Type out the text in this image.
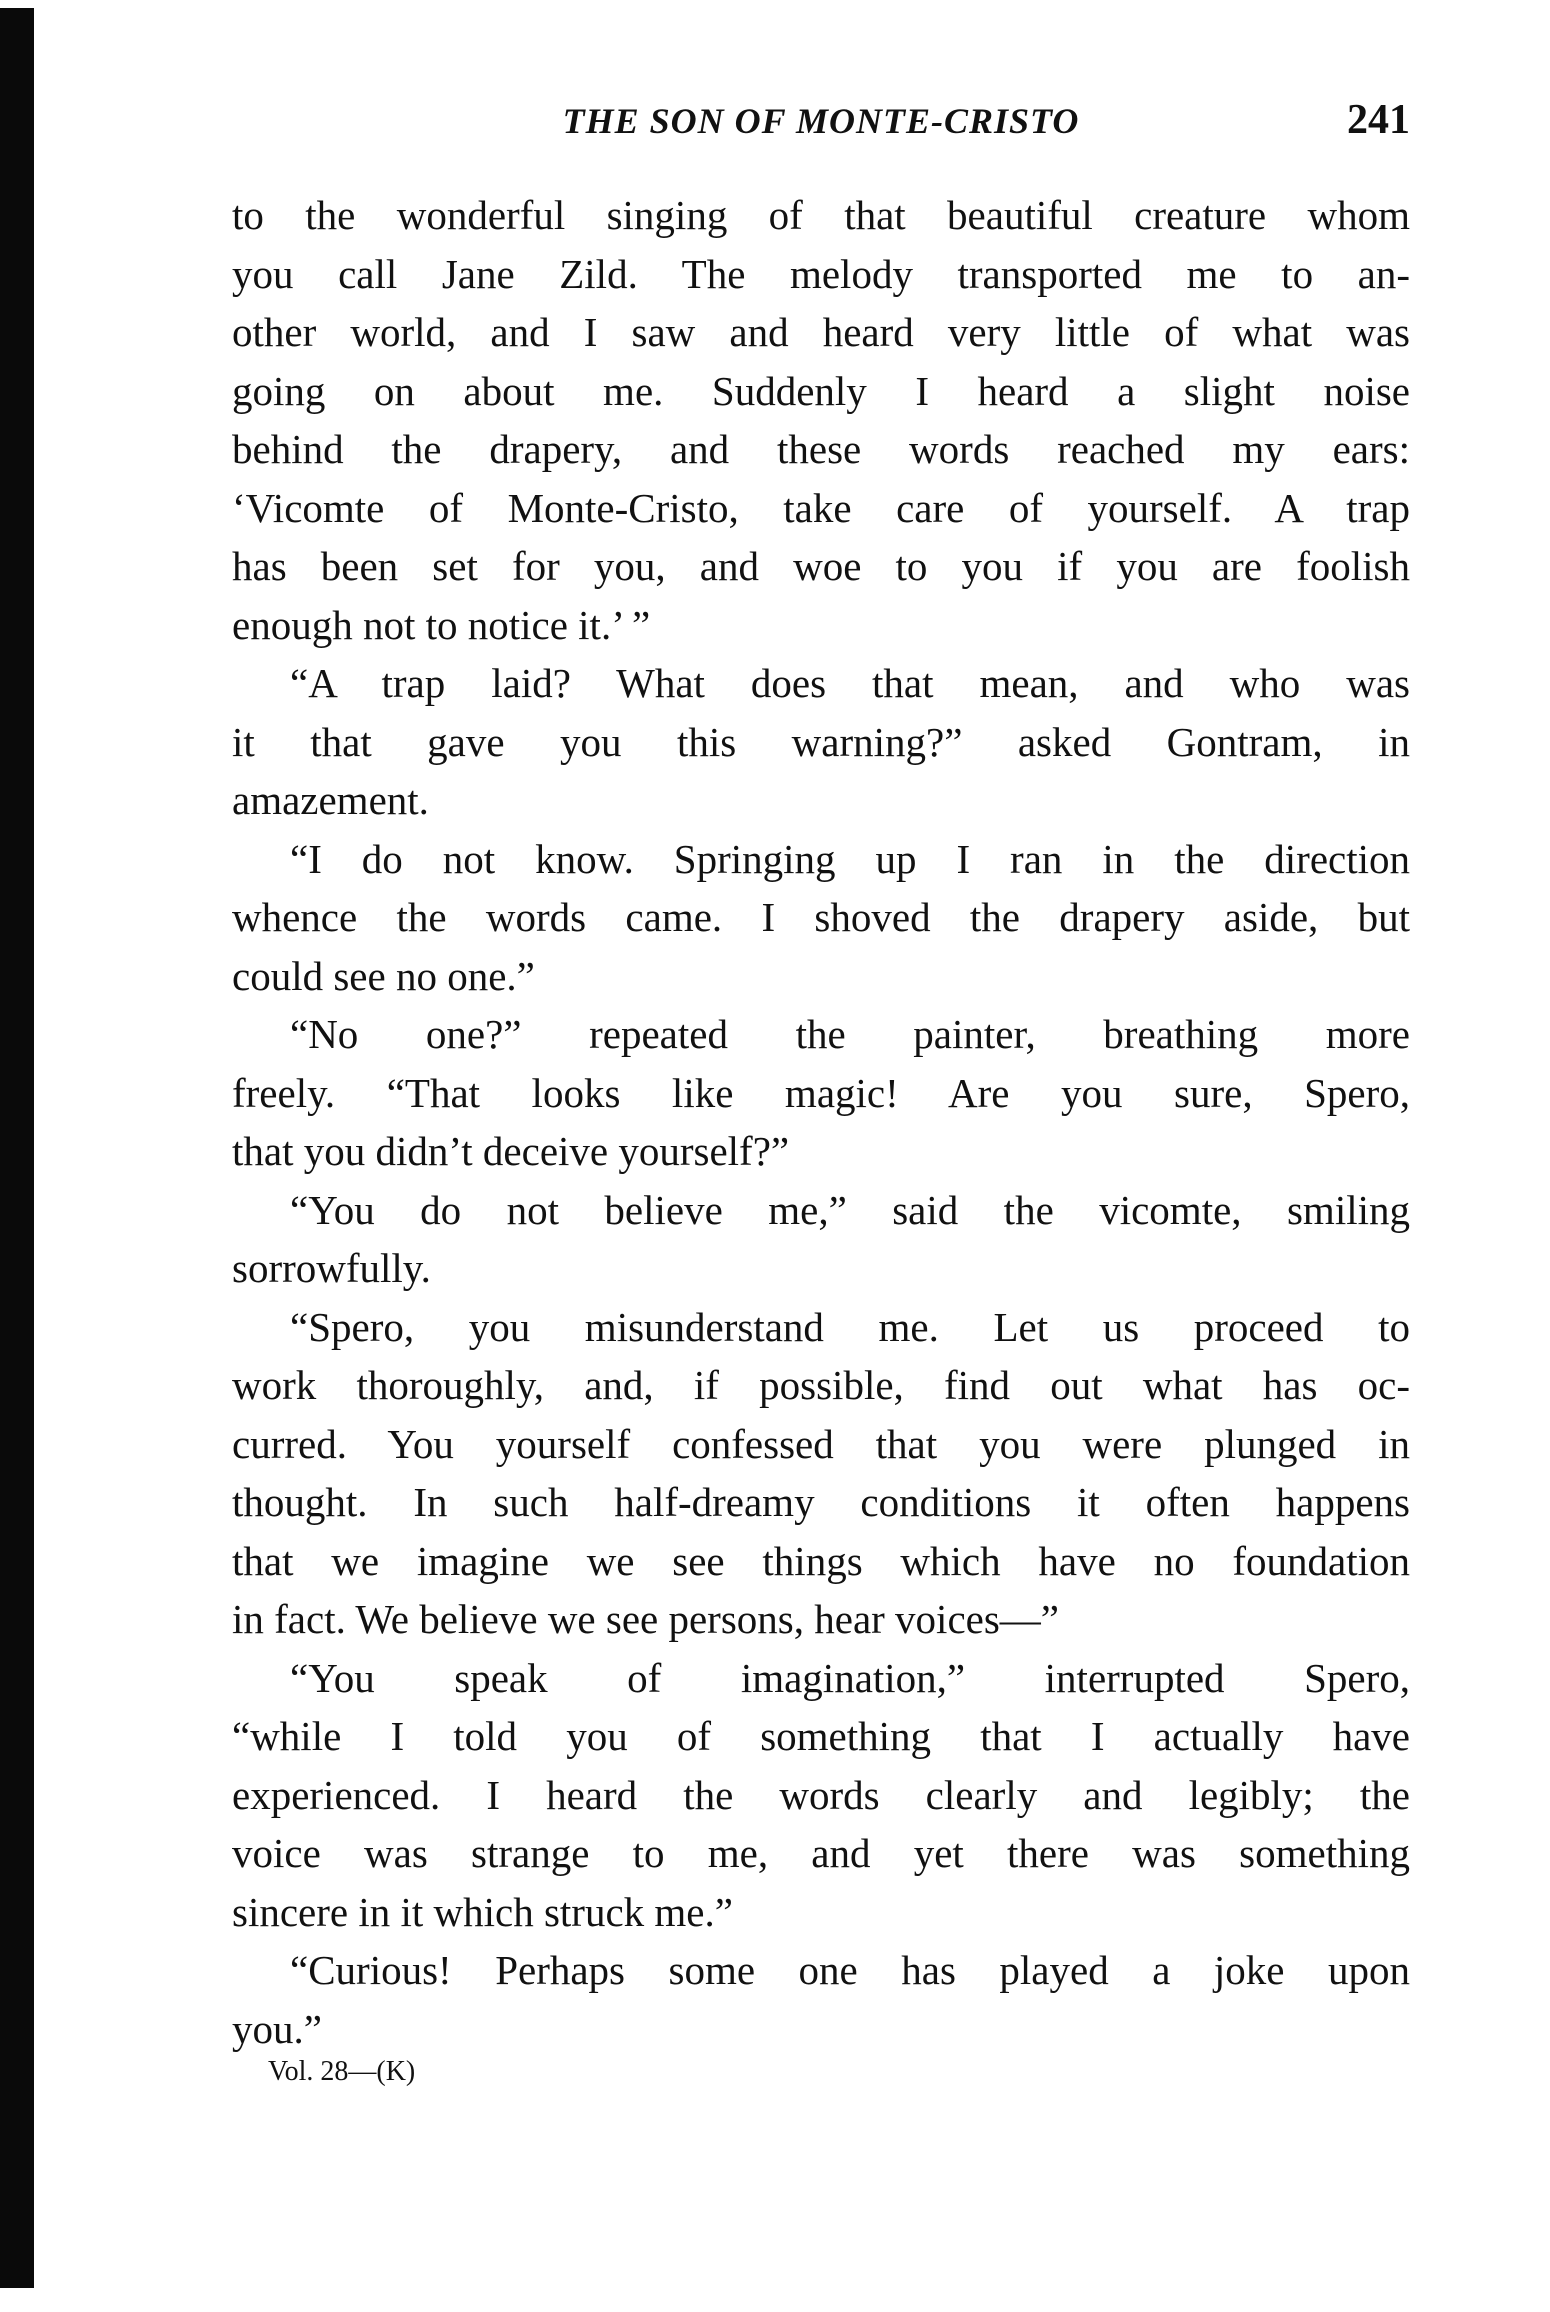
THE SON OF MONTE-CRISTO	241
to the wonderful singing of that beautiful creature whom
you call Jane Zild. The melody transported me to an-
other world, and I saw and heard very little of what was
going on about me. Suddenly I heard a slight noise
behind the drapery, and these words reached my ears:
‘Vicomte of Monte-Cristo, take care of yourself. A trap
has been set for you, and woe to you if you are foolish
enough not to notice it.’ ”
“A trap laid? What does that mean, and who was
it that gave you this warning?” asked Gontram, in
amazement.
“I do not know. Springing up I ran in the direction
whence the words came. I shoved the drapery aside, but
could see no one.”
“No one?” repeated the painter, breathing more
freely. “That looks like magic! Are you sure, Spero,
that you didn’t deceive yourself?”
“You do not believe me,” said the vicomte, smiling
sorrowfully.
“Spero, you misunderstand me. Let us proceed to
work thoroughly, and, if possible, find out what has oc-
curred. You yourself confessed that you were plunged in
thought. In such half-dreamy conditions it often happens
that we imagine we see things which have no foundation
in fact. We believe we see persons, hear voices—”
“You speak of imagination,” interrupted Spero,
“while I told you of something that I actually have
experienced. I heard the words clearly and legibly; the
voice was strange to me, and yet there was something
sincere in it which struck me.”
“Curious! Perhaps some one has played a joke upon
you.”
Vol. 28—(K)
